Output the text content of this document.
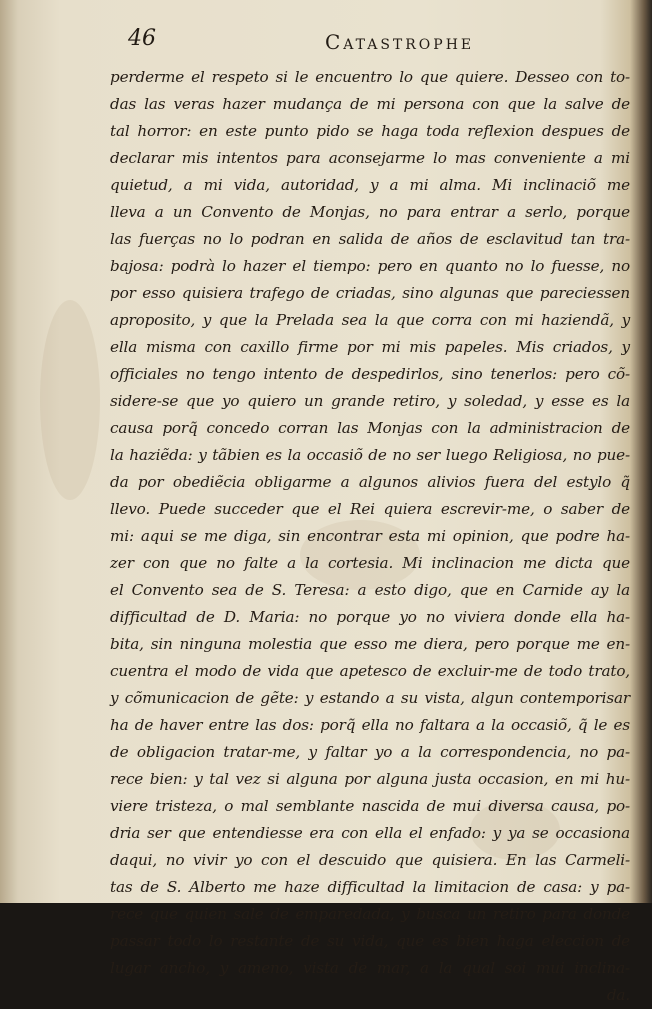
46	Catastrophe
perderme el respeto si le encuentro lo que quiere. Desseo con to-
das las veras hazer mudança de mi persona con que la salve de
tal horror: en este punto pido se haga toda reflexion despues de
declarar mis intentos para aconsejarme lo mas conveniente a mi
quietud, a mi vida, autoridad, y a mi alma. Mi inclinaciõ me
lleva a un Convento de Monjas, no para entrar a serlo, porque
las fuerças no lo podran en salida de años de esclavitud tan tra-
bajosa: podrà lo hazer el tiempo: pero en quanto no lo fuesse, no
por esso quisiera trafego de criadas, sino algunas que pareciessen
aproposito, y que la Prelada sea la que corra con mi haziendã, y
ella misma con caxillo firme por mi mis papeles. Mis criados, y
officiales no tengo intento de despedirlos, sino tenerlos: pero cõ-
sidere-se que yo quiero un grande retiro, y soledad, y esse es la
causa porq̃ concedo corran las Monjas con la administracion de
la haziẽda: y tãbien es la occasiõ de no ser luego Religiosa, no pue-
da por obediẽcia obligarme a algunos alivios fuera del estylo q̃
llevo. Puede succeder que el Rei quiera escrevir-me, o saber de
mi: aqui se me diga, sin encontrar esta mi opinion, que podre ha-
zer con que no falte a la cortesia. Mi inclinacion me dicta que
el Convento sea de S. Teresa: a esto digo, que en Carnide ay la
difficultad de D. Maria: no porque yo no viviera donde ella ha-
bita, sin ninguna molestia que esso me diera, pero porque me en-
cuentra el modo de vida que apetesco de excluir-me de todo trato,
y cõmunicacion de gẽte: y estando a su vista, algun contemporisar
ha de haver entre las dos: porq̃ ella no faltara a la occasiõ, q̃ le es
de obligacion tratar-me, y faltar yo a la correspondencia, no pa-
rece bien: y tal vez si alguna por alguna justa occasion, en mi hu-
viere tristeza, o mal semblante nascida de mui diversa causa, po-
dria ser que entendiesse era con ella el enfado: y ya se occasiona
daqui, no vivir yo con el descuido que quisiera. En las Carmeli-
tas de S. Alberto me haze difficultad la limitacion de casa: y pa-
rece que quien sale de emparedada, y busca un retiro para donde
passar todo lo restante de su vida, que es bien haga eleccion de
lugar ancho, y ameno, vista de mar, a la qual soi mui inclina-
da.
